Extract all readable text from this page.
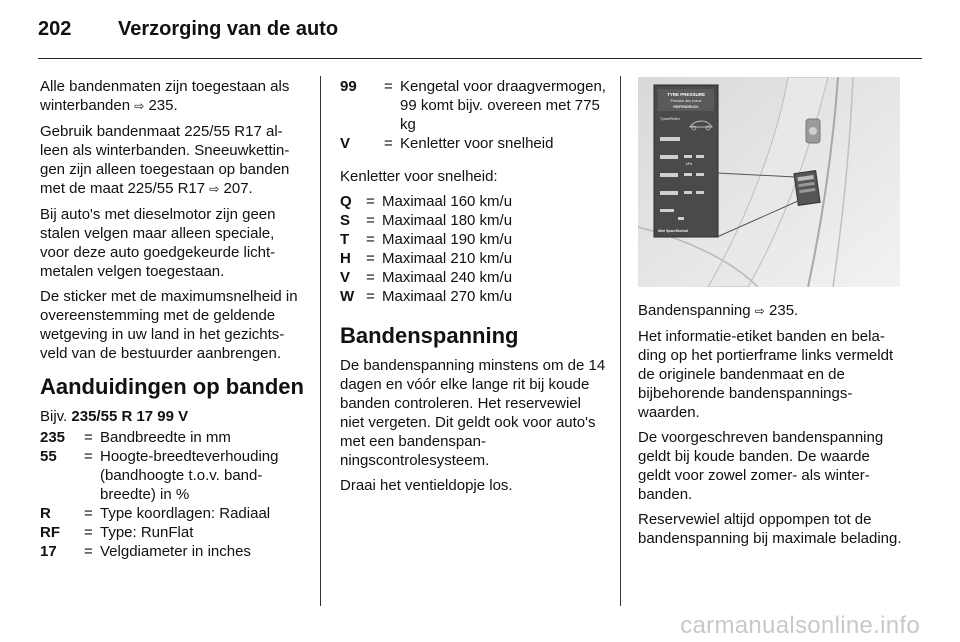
202	Verzorging van de auto

Alle bandenmaten zijn toegestaan als winterbanden ⇨ 235.

Gebruik bandenmaat 225/55 R17 alleen als winterbanden. Sneeuwkettingen zijn alleen toegestaan op banden met de maat 225/55 R17 ⇨ 207.

Bij auto's met dieselmotor zijn geen stalen velgen maar alleen speciale, voor deze auto goedgekeurde lichtmetalen velgen toegestaan.

De sticker met de maximumsnelheid in overeenstemming met de geldende wetgeving in uw land in het gezichtsveld van de bestuurder aanbrengen.

Aanduidingen op banden

Bijv. 235/55 R 17 99 V

235	= Bandbreedte in mm
55	= Hoogte-breedteverhouding (bandhoogte t.o.v. bandbreedte) in %
R	= Type koordlagen: Radiaal
RF	= Type: RunFlat
17	= Velgdiameter in inches
99	= Kengetal voor draagvermogen, 99 komt bijv. overeen met 775 kg
V	= Kenletter voor snelheid

Kenletter voor snelheid:

Q = Maximaal 160 km/u
S	= Maximaal 180 km/u
T	= Maximaal 190 km/u
H	= Maximaal 210 km/u
V	= Maximaal 240 km/u
W = Maximaal 270 km/u
Bandenspanning

De bandenspanning minstens om de 14 dagen en vóór elke lange rit bij koude banden controleren. Het reservewiel niet vergeten. Dit geldt ook voor auto's met een bandenspanningscontrolesysteem.

Draai het ventieldopje los.

TYRE PRESSURE
Pression des pneus
REIFENDRUCK
Tyres/Reifen
kPa
Mini Spare/Notrad

Bandenspanning ⇨ 235.

Het informatie-etiket banden en belading op het portierframe links vermeldt de originele bandenmaat en de bijbehorende bandenspanningswaarden.

De voorgeschreven bandenspanning geldt bij koude banden. De waarde geldt voor zowel zomer- als winterbanden.

Reservewiel altijd oppompen tot de bandenspanning bij maximale belading.

carmanualsonline.info
